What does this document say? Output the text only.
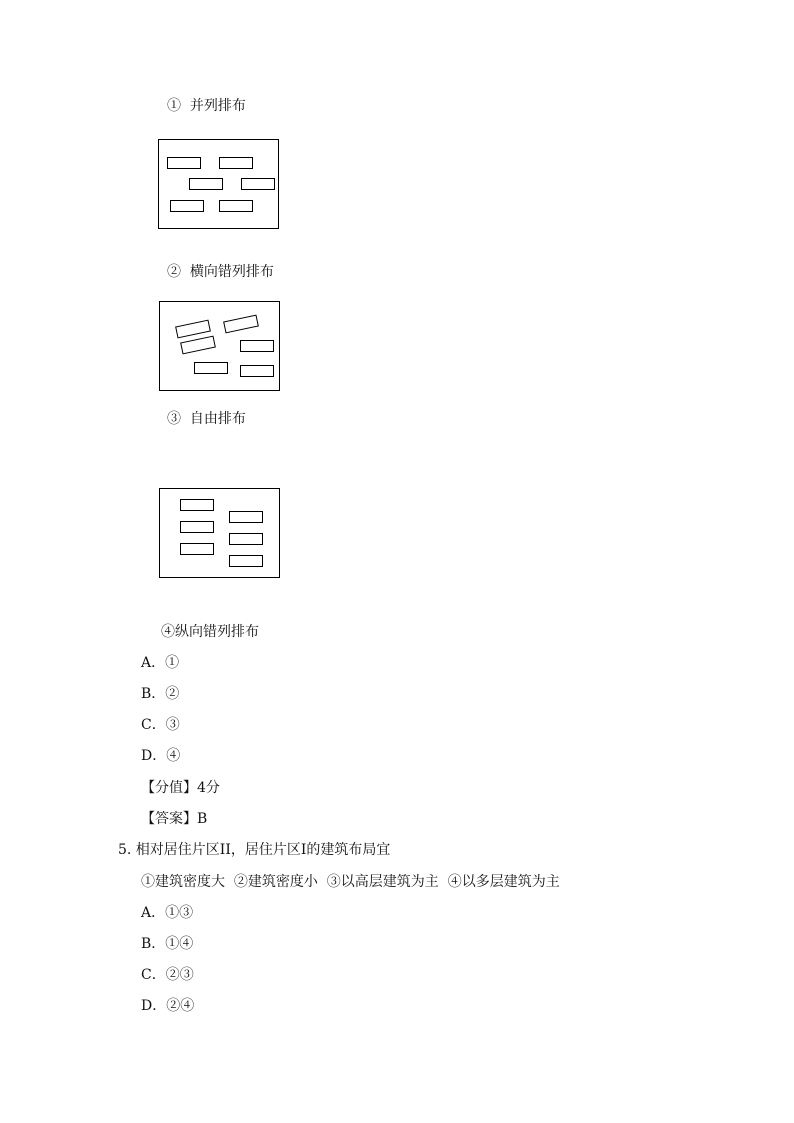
①  并列排布
②  横向错列排布
③  自由排布
④纵向错列排布
A．①
B．②
C．③
D．④
【分值】4分
【答案】B
5. 相对居住片区II，居住片区I的建筑布局宜
①建筑密度大  ②建筑密度小  ③以高层建筑为主  ④以多层建筑为主
A．①③
B．①④
C．②③
D．②④
